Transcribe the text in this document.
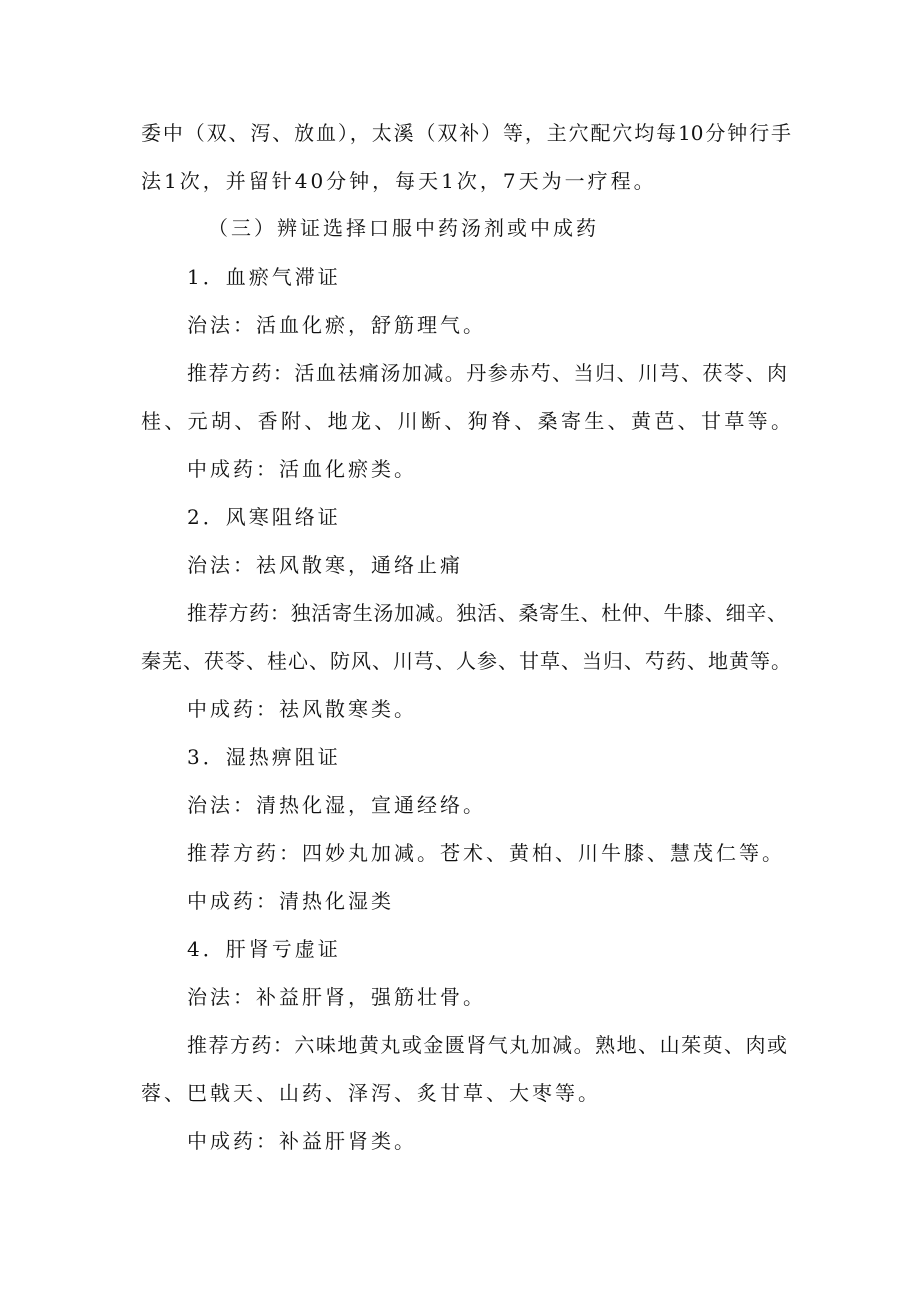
委中（双、泻、放血），太溪（双补）等，主穴配穴均每10分钟行手
法1次，并留针40分钟，每天1次，7天为一疗程。
（三）辨证选择口服中药汤剂或中成药
1．血瘀气滞证
治法：活血化瘀，舒筋理气。
推荐方药：活血祛痛汤加减。丹参赤芍、当归、川芎、茯苓、肉
桂、元胡、香附、地龙、川断、狗脊、桑寄生、黄芭、甘草等。
中成药：活血化瘀类。
2．风寒阻络证
治法：祛风散寒，通络止痛
推荐方药：独活寄生汤加减。独活、桑寄生、杜仲、牛膝、细辛、
秦芜、茯苓、桂心、防风、川芎、人参、甘草、当归、芍药、地黄等。
中成药：祛风散寒类。
3．湿热痹阻证
治法：清热化湿，宣通经络。
推荐方药：四妙丸加减。苍术、黄柏、川牛膝、慧茂仁等。
中成药：清热化湿类
4．肝肾亏虚证
治法：补益肝肾，强筋壮骨。
推荐方药：六味地黄丸或金匮肾气丸加减。熟地、山茱萸、肉或
蓉、巴戟天、山药、泽泻、炙甘草、大枣等。
中成药：补益肝肾类。
